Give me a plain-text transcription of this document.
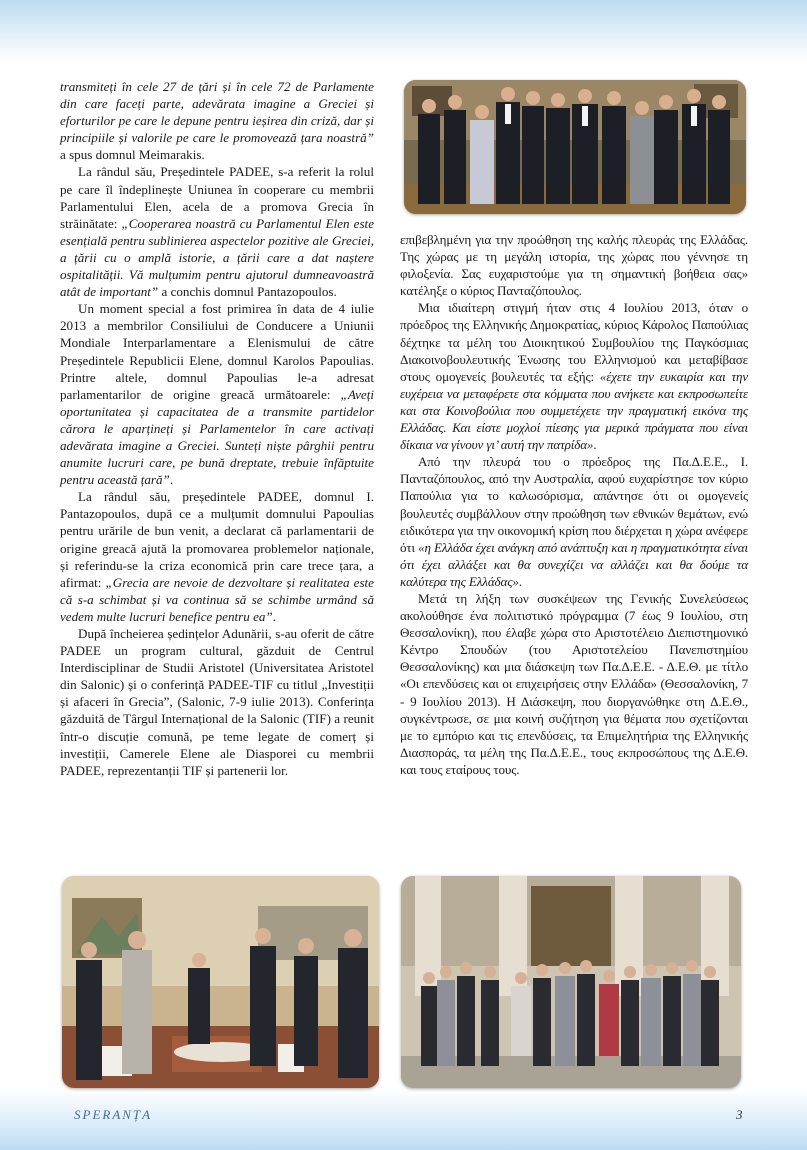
transmiteți în cele 27 de țări și în cele 72 de Parlamente din care faceți parte, adevărata imagine a Greciei și eforturilor pe care le depune pentru ieșirea din criză, dar și principiile și valorile pe care le promovează țara noastră” a spus domnul Meimarakis.

La rândul său, Președintele PADEE, s-a referit la rolul pe care îl îndeplinește Uniunea în cooperare cu membrii Parlamentului Elen, acela de a promova Grecia în străinătate: „Cooperarea noastră cu Parlamentul Elen este esențială pentru sublinierea aspectelor pozitive ale Greciei, a țării cu o amplă istorie, a țării care a dat naștere ospitalității. Vă mulțumim pentru ajutorul dumneavoastră atât de important” a conchis domnul Pantazopoulos.

Un moment special a fost primirea în data de 4 iulie 2013 a membrilor Consiliului de Conducere a Uniunii Mondiale Interparlamentare a Elenismului de către Președintele Republicii Elene, domnul Karolos Papoulias. Printre altele, domnul Papoulias le-a adresat parlamentarilor de origine greacă următoarele: „Aveți oportunitatea și capacitatea de a transmite partidelor cărora le aparțineți și Parlamentelor în care activați adevărata imagine a Greciei. Sunteți niște pârghii pentru anumite lucruri care, pe bună dreptate, trebuie înfăptuite pentru această țară”.

La rândul său, președintele PADEE, domnul I. Pantazopoulos, după ce a mulțumit domnului Papoulias pentru urările de bun venit, a declarat că parlamentarii de origine greacă ajută la promovarea problemelor naționale, și referindu-se la criza economică prin care trece țara, a afirmat: „Grecia are nevoie de dezvoltare și realitatea este că s-a schimbat și va continua să se schimbe urmând să vedem multe lucruri benefice pentru ea”.

După încheierea ședințelor Adunării, s-au oferit de către PADEE un program cultural, găzduit de Centrul Interdisciplinar de Studii Aristotel (Universitatea Aristotel din Salonic) și o conferință PADEE-TIF cu titlul „Investiții și afaceri în Grecia”, (Salonic, 7-9 iulie 2013). Conferința găzduită de Târgul Internațional de la Salonic (TIF) a reunit într-o discuție comună, pe teme legate de comerț și investiții, Camerele Elene ale Diasporei cu membrii PADEE, reprezentanții TIF și partenerii lor.

επιβεβλημένη για την προώθηση της καλής πλευράς της Ελλάδας. Της χώρας με τη μεγάλη ιστορία, της χώρας που γέννησε τη φιλοξενία. Σας ευχαριστούμε για τη σημαντική βοήθεια σας» κατέληξε ο κύριος Πανταζόπουλος.

Μια ιδιαίτερη στιγμή ήταν στις 4 Ιουλίου 2013, όταν ο πρόεδρος της Ελληνικής Δημοκρατίας, κύριος Κάρολος Παπούλιας δέχτηκε τα μέλη του Διοικητικού Συμβουλίου της Παγκόσμιας Διακοινοβουλευτικής Ένωσης του Ελληνισμού και μεταβίβασε στους ομογενείς βουλευτές τα εξής: «έχετε την ευκαιρία και την ευχέρεια να μεταφέρετε στα κόμματα που ανήκετε και εκπροσωπείτε και στα Κοινοβούλια που συμμετέχετε την πραγματική εικόνα της Ελλάδας. Και είστε μοχλοί πίεσης για μερικά πράγματα που είναι δίκαια να γίνουν γι’ αυτή την πατρίδα».

Από την πλευρά του ο πρόεδρος της Πα.Δ.Ε.Ε., Ι. Πανταζόπουλος, από την Αυστραλία, αφού ευχαρίστησε τον κύριο Παπούλια για το καλωσόρισμα, απάντησε ότι οι ομογενείς βουλευτές συμβάλλουν στην προώθηση των εθνικών θεμάτων, ενώ ειδικότερα για την οικονομική κρίση που διέρχεται η χώρα ανέφερε ότι «η Ελλάδα έχει ανάγκη από ανάπτυξη και η πραγματικότητα είναι ότι έχει αλλάξει και θα συνεχίζει να αλλάζει και θα δούμε τα καλύτερα της Ελλάδας».

Μετά τη λήξη των συσκέψεων της Γενικής Συνελεύσεως ακολούθησε ένα πολιτιστικό πρόγραμμα (7 έως 9 Ιουλίου, στη Θεσσαλονίκη), που έλαβε χώρα στο Αριστοτέλειο Διεπιστημονικό Κέντρο Σπουδών (του Αριστοτελείου Πανεπιστημίου Θεσσαλονίκης) και μια διάσκεψη των Πα.Δ.Ε.Ε. - Δ.Ε.Θ. με τίτλο «Οι επενδύσεις και οι επιχειρήσεις στην Ελλάδα» (Θεσσαλονίκη, 7 - 9 Ιουλίου 2013). Η Διάσκεψη, που διοργανώθηκε στη Δ.Ε.Θ., συγκέντρωσε, σε μια κοινή συζήτηση για θέματα που σχετίζονται με το εμπόριο και τις επενδύσεις, τα Επιμελητήρια της Ελληνικής Διασποράς, τα μέλη της Πα.Δ.Ε.Ε., τους εκπροσώπους της Δ.Ε.Θ. και τους εταίρους τους.

SPERANȚA	3
